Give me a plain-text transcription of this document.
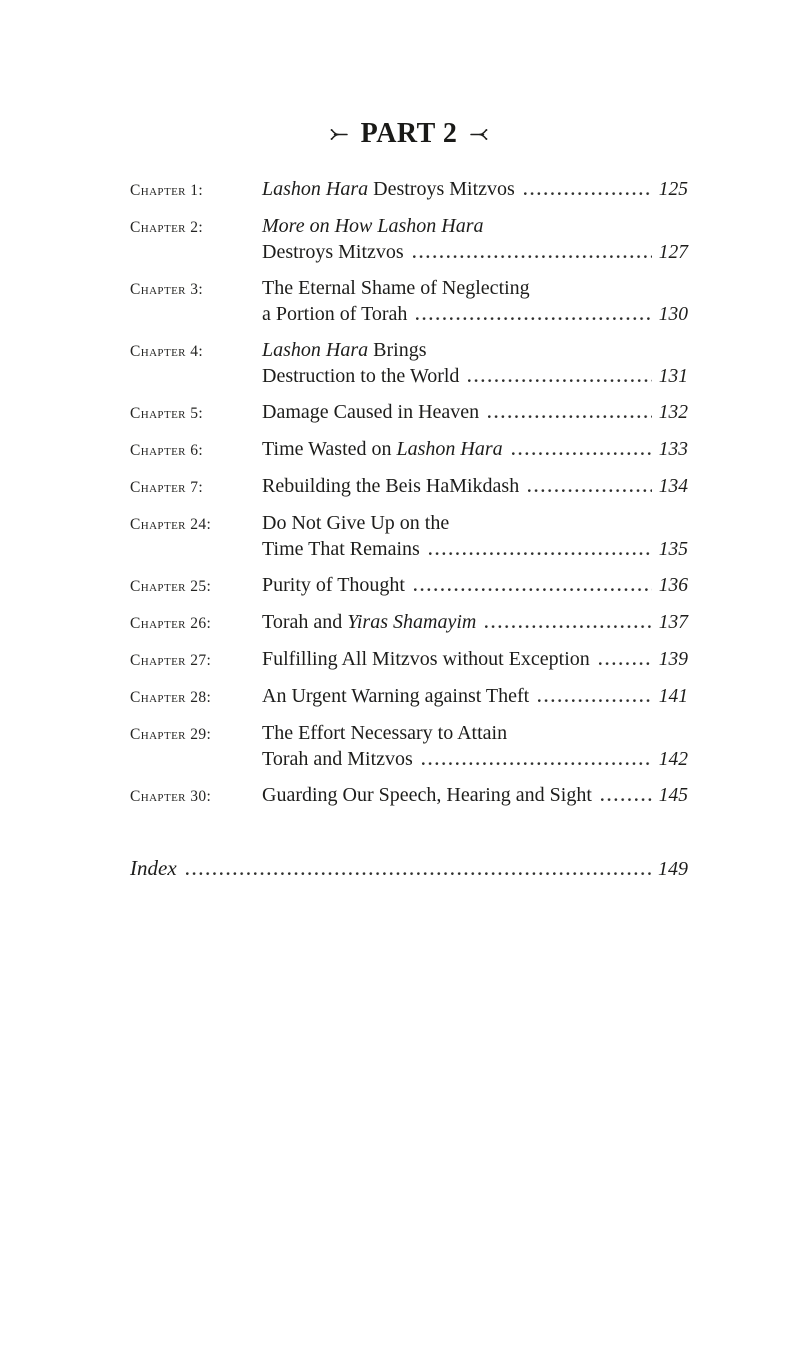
PART 2
Chapter 1:	Lashon Hara Destroys Mitzvos	125
Chapter 2:	More on How Lashon Hara
Destroys Mitzvos	127
Chapter 3:	The Eternal Shame of Neglecting
a Portion of Torah	130
Chapter 4:	Lashon Hara Brings
Destruction to the World	131
Chapter 5:	Damage Caused in Heaven	132
Chapter 6:	Time Wasted on Lashon Hara	133
Chapter 7:	Rebuilding the Beis HaMikdash	134
Chapter 24:	Do Not Give Up on the
Time That Remains	135
Chapter 25:	Purity of Thought	136
Chapter 26:	Torah and Yiras Shamayim	137
Chapter 27:	Fulfilling All Mitzvos without Exception	139
Chapter 28:	An Urgent Warning against Theft	141
Chapter 29:	The Effort Necessary to Attain
Torah and Mitzvos	142
Chapter 30:	Guarding Our Speech, Hearing and Sight	145
Index	149
